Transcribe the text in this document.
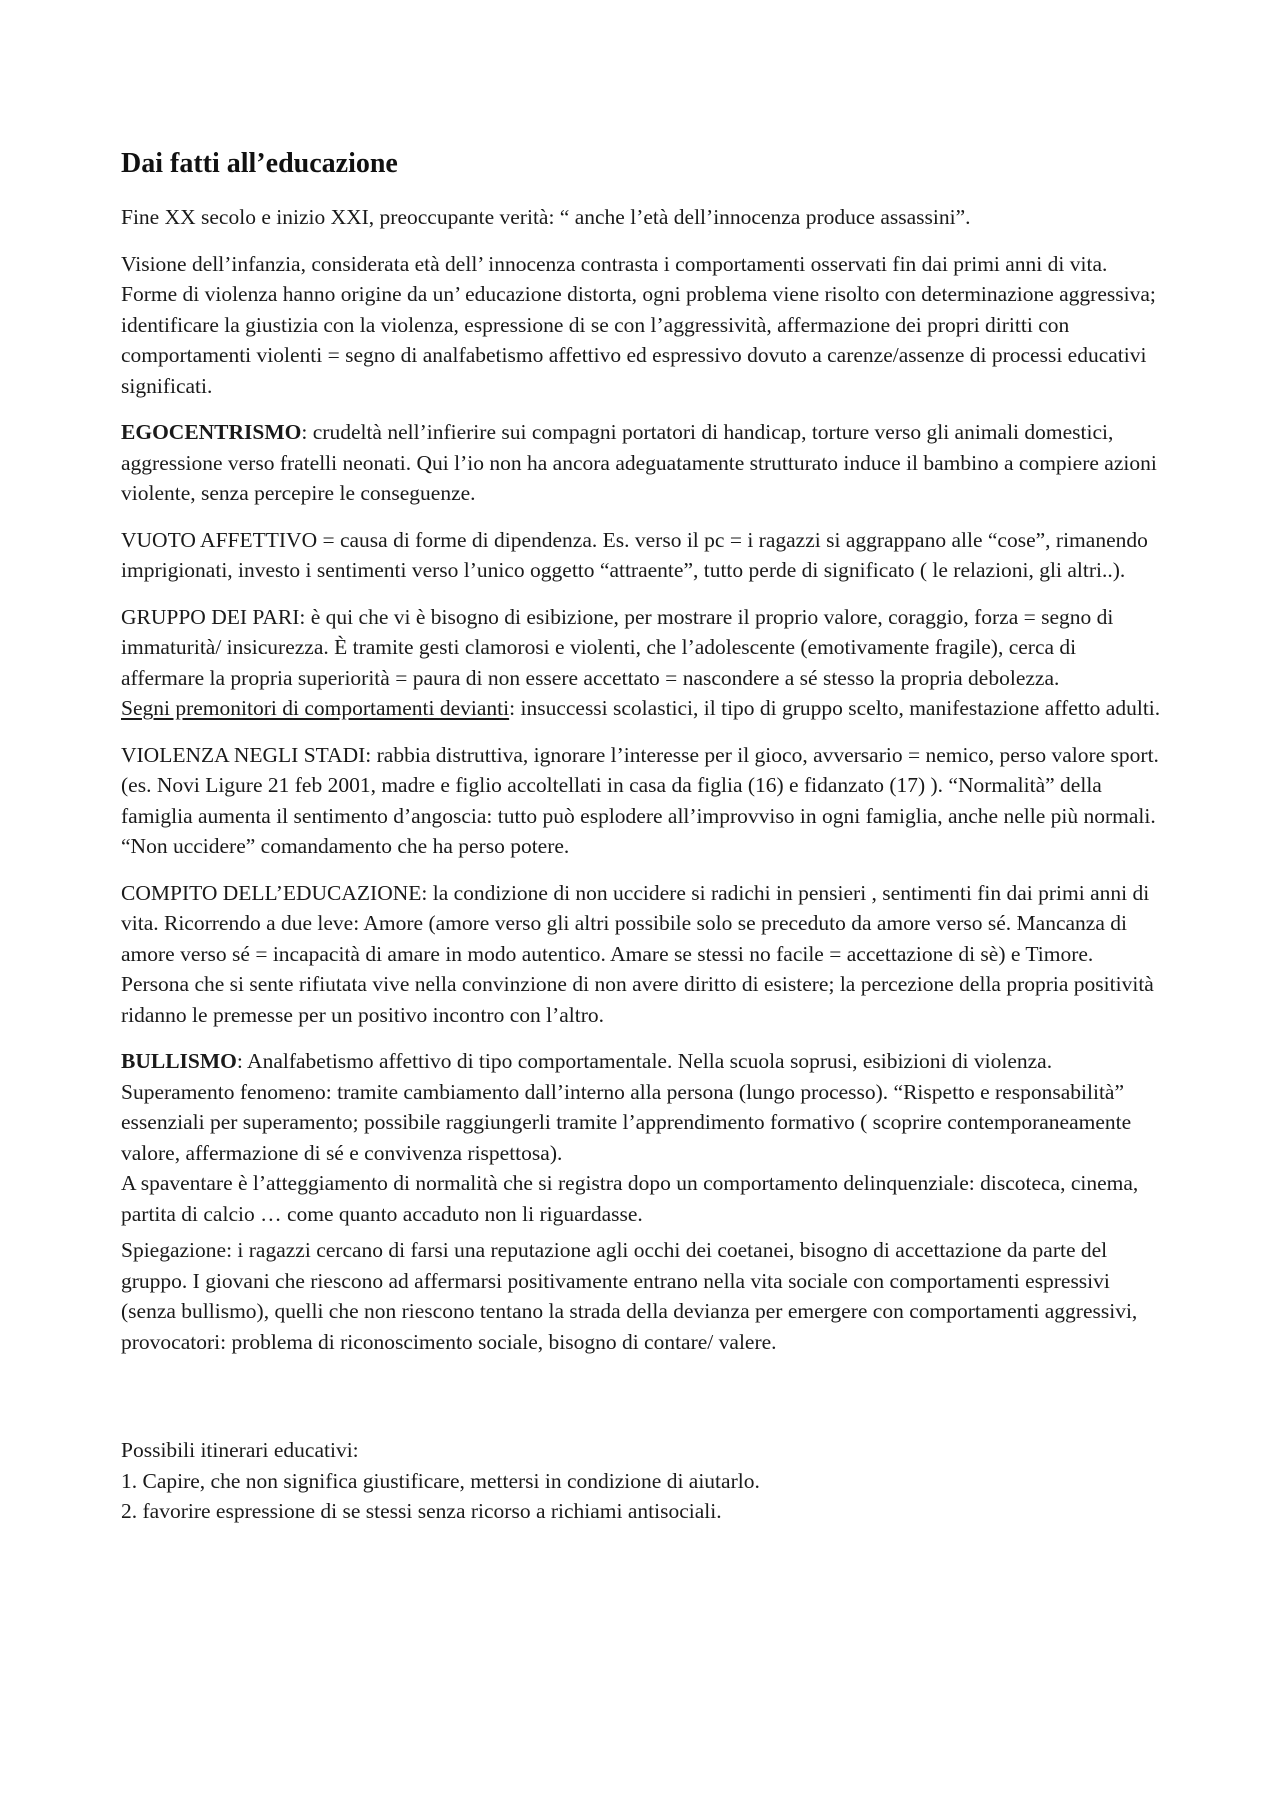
Dai fatti all’educazione

Fine XX secolo e inizio XXI, preoccupante verità: “ anche l’età dell’innocenza produce assassini”.

Visione dell’infanzia, considerata età dell’ innocenza contrasta i comportamenti osservati fin dai primi anni di vita. Forme di violenza hanno origine da un’ educazione distorta, ogni problema viene risolto con determinazione aggressiva; identificare la giustizia con la violenza, espressione di se con l’aggressività, affermazione dei propri diritti con comportamenti violenti = segno di analfabetismo affettivo ed espressivo dovuto a carenze/assenze di processi educativi significati.

EGOCENTRISMO: crudeltà nell’infierire sui compagni portatori di handicap, torture verso gli animali domestici, aggressione verso fratelli neonati. Qui l’io non ha ancora adeguatamente strutturato induce il bambino a compiere azioni violente, senza percepire le conseguenze.

VUOTO AFFETTIVO = causa di forme di dipendenza. Es. verso il pc = i ragazzi si aggrappano alle “cose”, rimanendo imprigionati, investo i sentimenti verso l’unico oggetto “attraente”, tutto perde di significato ( le relazioni, gli altri..).

GRUPPO DEI PARI: è qui che vi è bisogno di esibizione, per mostrare il proprio valore, coraggio, forza = segno di immaturità/ insicurezza. È tramite gesti clamorosi e violenti, che l’adolescente (emotivamente fragile), cerca di affermare la propria superiorità = paura di non essere accettato = nascondere a sé stesso la propria debolezza.

Segni premonitori di comportamenti devianti: insuccessi scolastici, il tipo di gruppo scelto, manifestazione affetto adulti.

VIOLENZA NEGLI STADI: rabbia distruttiva, ignorare l’interesse per il gioco, avversario = nemico, perso valore sport. (es. Novi Ligure 21 feb 2001, madre e figlio accoltellati in casa da figlia (16) e fidanzato (17) ). “Normalità” della famiglia aumenta il sentimento d’angoscia: tutto può esplodere all’improvviso in ogni famiglia, anche nelle più normali. “Non uccidere” comandamento che ha perso potere.

COMPITO DELL’EDUCAZIONE: la condizione di non uccidere si radichi in pensieri , sentimenti fin dai primi anni di vita. Ricorrendo a due leve: Amore (amore verso gli altri possibile solo se preceduto da amore verso sé. Mancanza di amore verso sé = incapacità di amare in modo autentico. Amare se stessi no facile = accettazione di sè) e Timore. Persona che si sente rifiutata vive nella convinzione di non avere diritto di esistere; la percezione della propria positività ridanno le premesse per un positivo incontro con l’altro.

BULLISMO: Analfabetismo affettivo di tipo comportamentale. Nella scuola soprusi, esibizioni di violenza. Superamento fenomeno: tramite cambiamento dall’interno alla persona (lungo processo). “Rispetto e responsabilità” essenziali per superamento; possibile raggiungerli tramite l’apprendimento formativo ( scoprire contemporaneamente valore, affermazione di sé e convivenza rispettosa).

A spaventare è l’atteggiamento di normalità che si registra dopo un comportamento delinquenziale: discoteca, cinema, partita di calcio … come quanto accaduto non li riguardasse.

Spiegazione: i ragazzi cercano di farsi una reputazione agli occhi dei coetanei, bisogno di accettazione da parte del gruppo. I giovani che riescono ad affermarsi positivamente entrano nella vita sociale con comportamenti espressivi (senza bullismo), quelli che non riescono tentano la strada della devianza per emergere con comportamenti aggressivi, provocatori: problema di riconoscimento sociale, bisogno di contare/ valere.

Possibili itinerari educativi:
1. Capire, che non significa giustificare, mettersi in condizione di aiutarlo.
2. favorire espressione di se stessi senza ricorso a richiami antisociali.
